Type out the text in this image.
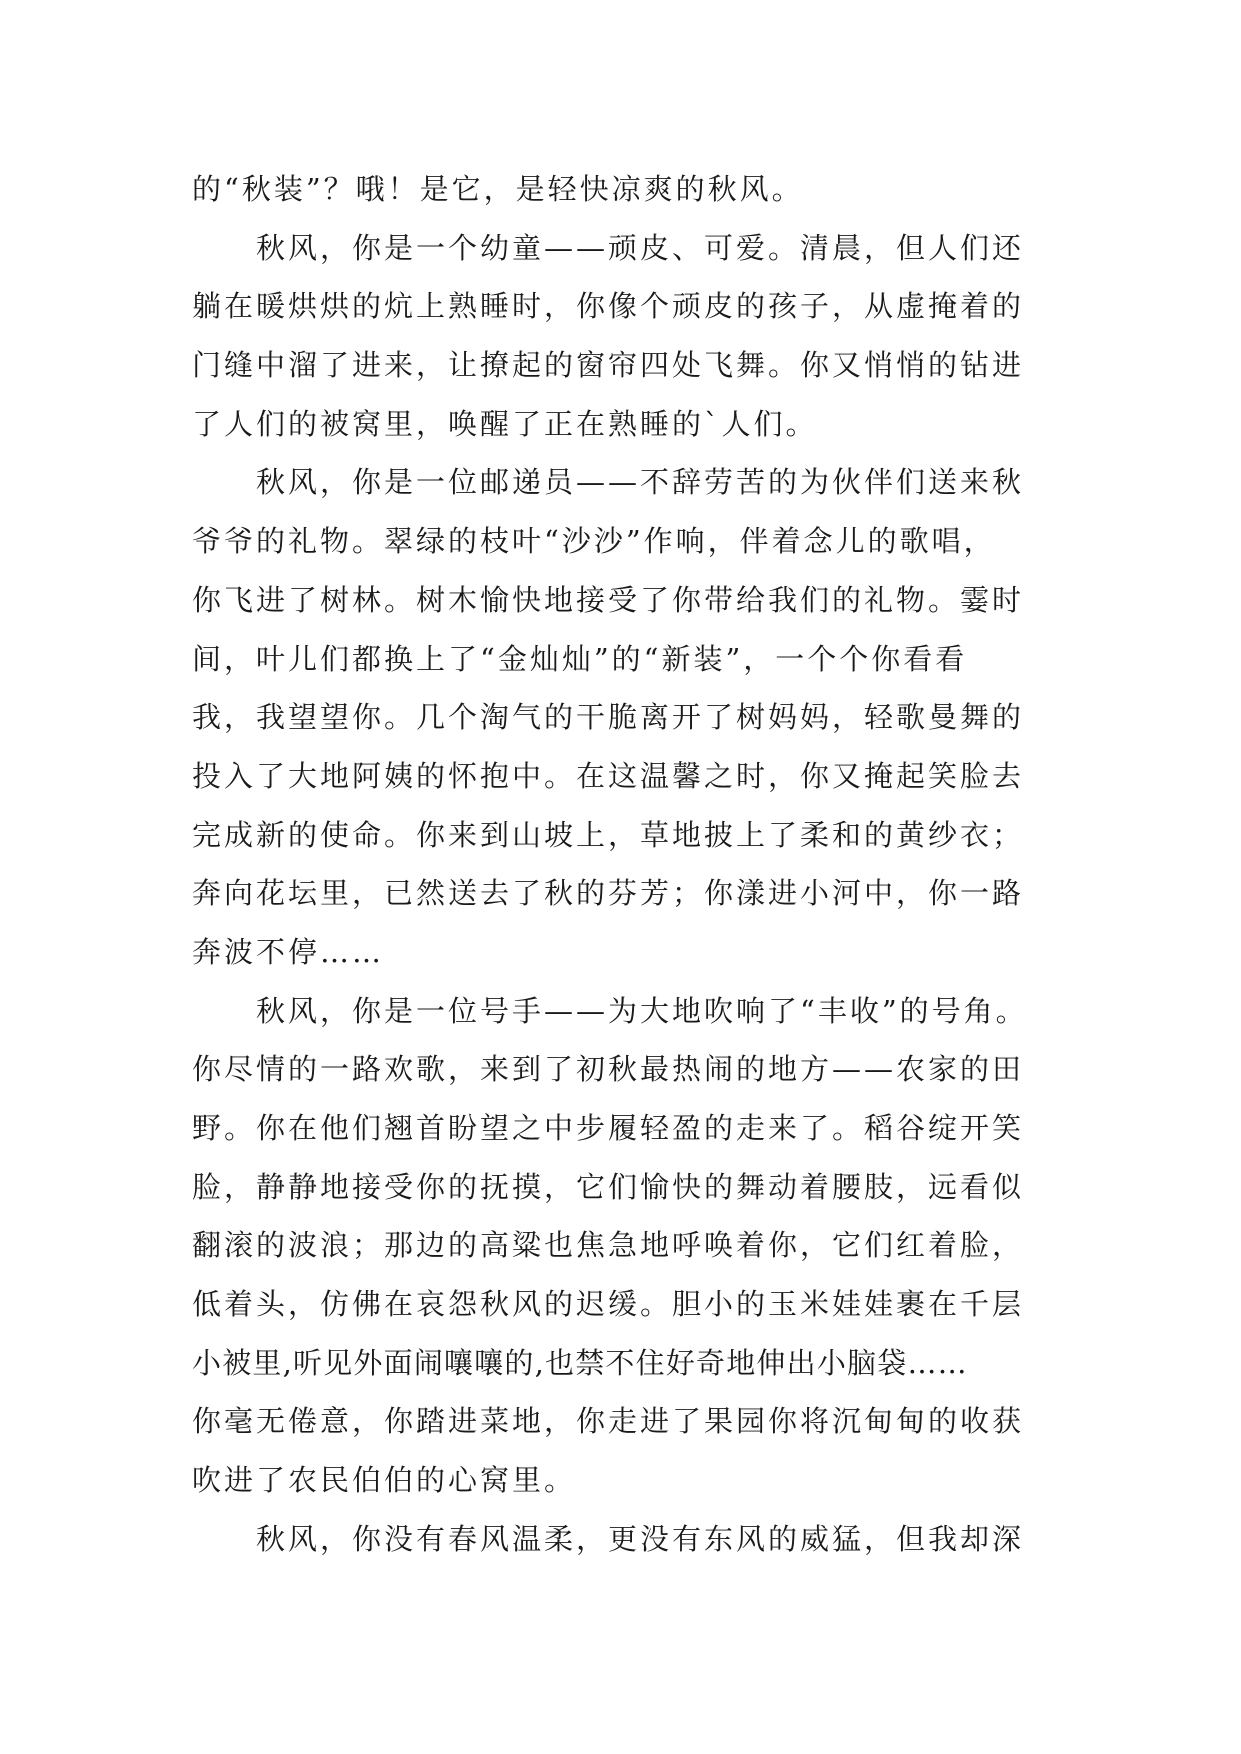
的“秋装”？哦！是它，是轻快凉爽的秋风。
秋风，你是一个幼童——顽皮、可爱。清晨，但人们还
躺在暖烘烘的炕上熟睡时，你像个顽皮的孩子，从虚掩着的
门缝中溜了进来，让撩起的窗帘四处飞舞。你又悄悄的钻进
了人们的被窝里，唤醒了正在熟睡的`人们。
秋风，你是一位邮递员——不辞劳苦的为伙伴们送来秋
爷爷的礼物。翠绿的枝叶“沙沙”作响，伴着念儿的歌唱，
你飞进了树林。树木愉快地接受了你带给我们的礼物。霎时
间，叶儿们都换上了“金灿灿”的“新装”，一个个你看看
我，我望望你。几个淘气的干脆离开了树妈妈，轻歌曼舞的
投入了大地阿姨的怀抱中。在这温馨之时，你又掩起笑脸去
完成新的使命。你来到山坡上，草地披上了柔和的黄纱衣；
奔向花坛里，已然送去了秋的芬芳；你漾进小河中，你一路
奔波不停……
秋风，你是一位号手——为大地吹响了“丰收”的号角。
你尽情的一路欢歌，来到了初秋最热闹的地方——农家的田
野。你在他们翘首盼望之中步履轻盈的走来了。稻谷绽开笑
脸，静静地接受你的抚摸，它们愉快的舞动着腰肢，远看似
翻滚的波浪；那边的高粱也焦急地呼唤着你，它们红着脸，
低着头，仿佛在哀怨秋风的迟缓。胆小的玉米娃娃裹在千层
小被里,听见外面闹嚷嚷的,也禁不住好奇地伸出小脑袋……
你毫无倦意，你踏进菜地，你走进了果园你将沉甸甸的收获
吹进了农民伯伯的心窝里。
秋风，你没有春风温柔，更没有东风的威猛，但我却深
